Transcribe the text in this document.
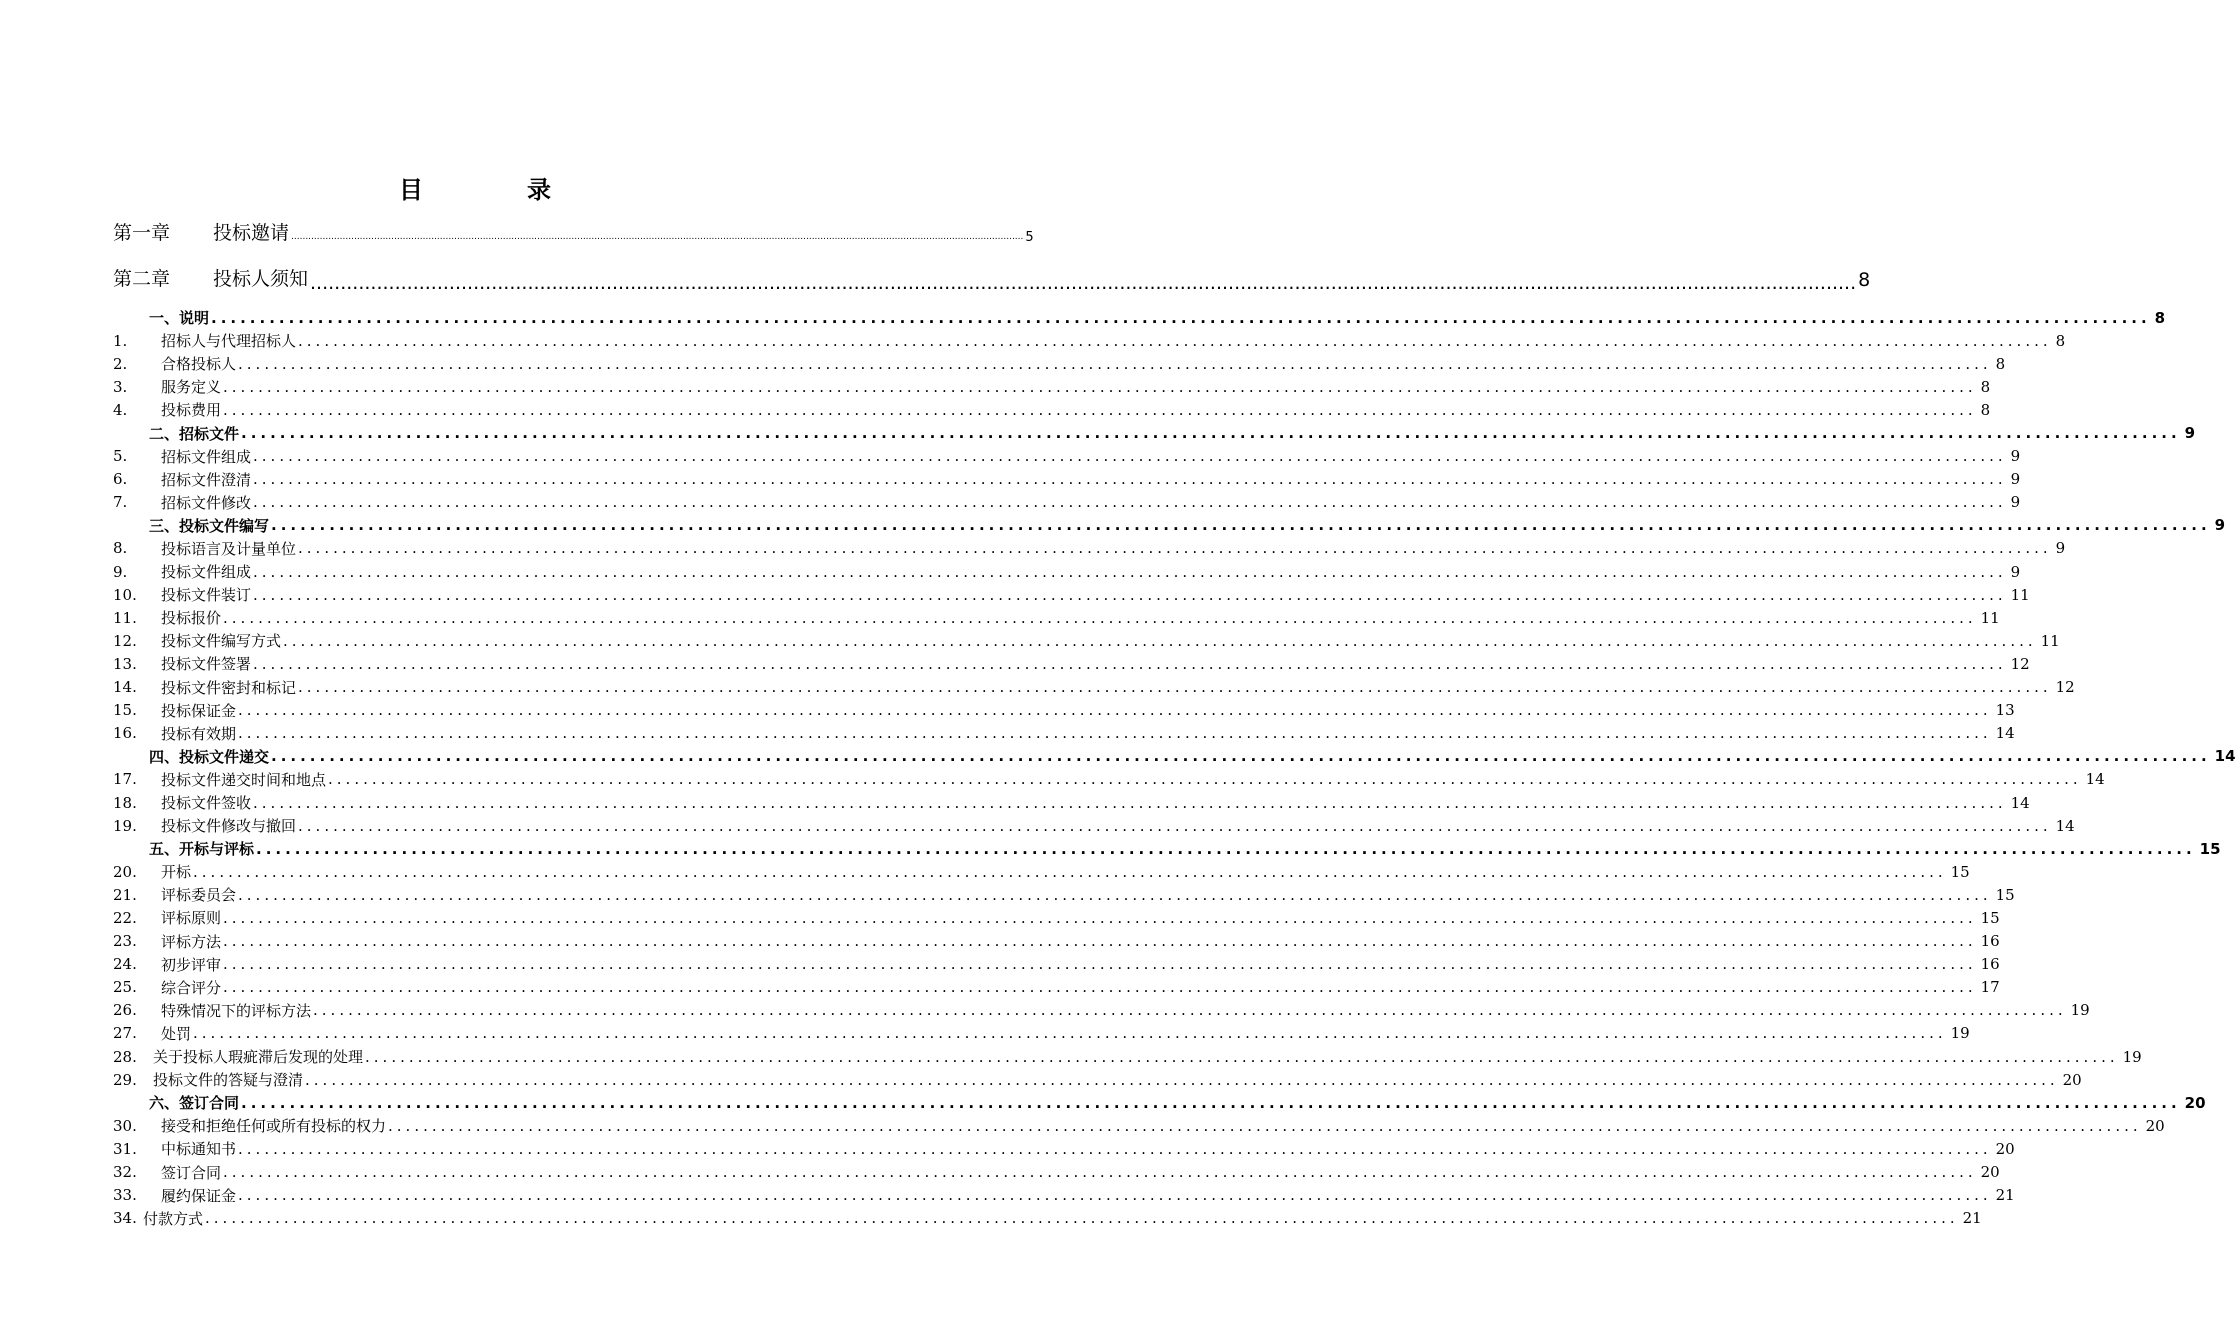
目　录
第一章	投标邀请 ................................................................................................................................................................................................................................................................ 5
第二章	投标人须知 ................................................................................................................................................................................................................................................................ 8
一、说明 ........................................................................................................................................................................................................ 8
1.	招标人与代理招标人 ........................................................................................................................................................................................................ 8
2.	合格投标人 ........................................................................................................................................................................................................ 8
3.	服务定义 ........................................................................................................................................................................................................ 8
4.	投标费用 ........................................................................................................................................................................................................ 8
二、招标文件 ........................................................................................................................................................................................................ 9
5.	招标文件组成 ........................................................................................................................................................................................................ 9
6.	招标文件澄清 ........................................................................................................................................................................................................ 9
7.	招标文件修改 ........................................................................................................................................................................................................ 9
三、投标文件编写 ........................................................................................................................................................................................................ 9
8.	投标语言及计量单位 ........................................................................................................................................................................................................ 9
9.	投标文件组成 ........................................................................................................................................................................................................ 9
10.	投标文件装订 ........................................................................................................................................................................................................ 11
11.	投标报价 ........................................................................................................................................................................................................ 11
12.	投标文件编写方式 ........................................................................................................................................................................................................ 11
13.	投标文件签署 ........................................................................................................................................................................................................ 12
14.	投标文件密封和标记 ........................................................................................................................................................................................................ 12
15.	投标保证金 ........................................................................................................................................................................................................ 13
16.	投标有效期 ........................................................................................................................................................................................................ 14
四、投标文件递交 ........................................................................................................................................................................................................ 14
17.	投标文件递交时间和地点 ........................................................................................................................................................................................................ 14
18.	投标文件签收 ........................................................................................................................................................................................................ 14
19.	投标文件修改与撤回 ........................................................................................................................................................................................................ 14
五、开标与评标 ........................................................................................................................................................................................................ 15
20.	开标 ........................................................................................................................................................................................................ 15
21.	评标委员会 ........................................................................................................................................................................................................ 15
22.	评标原则 ........................................................................................................................................................................................................ 15
23.	评标方法 ........................................................................................................................................................................................................ 16
24.	初步评审 ........................................................................................................................................................................................................ 16
25.	综合评分 ........................................................................................................................................................................................................ 17
26.	特殊情况下的评标方法 ........................................................................................................................................................................................................ 19
27.	处罚 ........................................................................................................................................................................................................ 19
28.	关于投标人瑕疵滞后发现的处理 ........................................................................................................................................................................................................ 19
29.	投标文件的答疑与澄清 ........................................................................................................................................................................................................ 20
六、签订合同 ........................................................................................................................................................................................................ 20
30.	接受和拒绝任何或所有投标的权力 ........................................................................................................................................................................................................ 20
31.	中标通知书 ........................................................................................................................................................................................................ 20
32.	签订合同 ........................................................................................................................................................................................................ 20
33.	履约保证金 ........................................................................................................................................................................................................ 21
34. 付款方式 ........................................................................................................................................................................................................ 21
